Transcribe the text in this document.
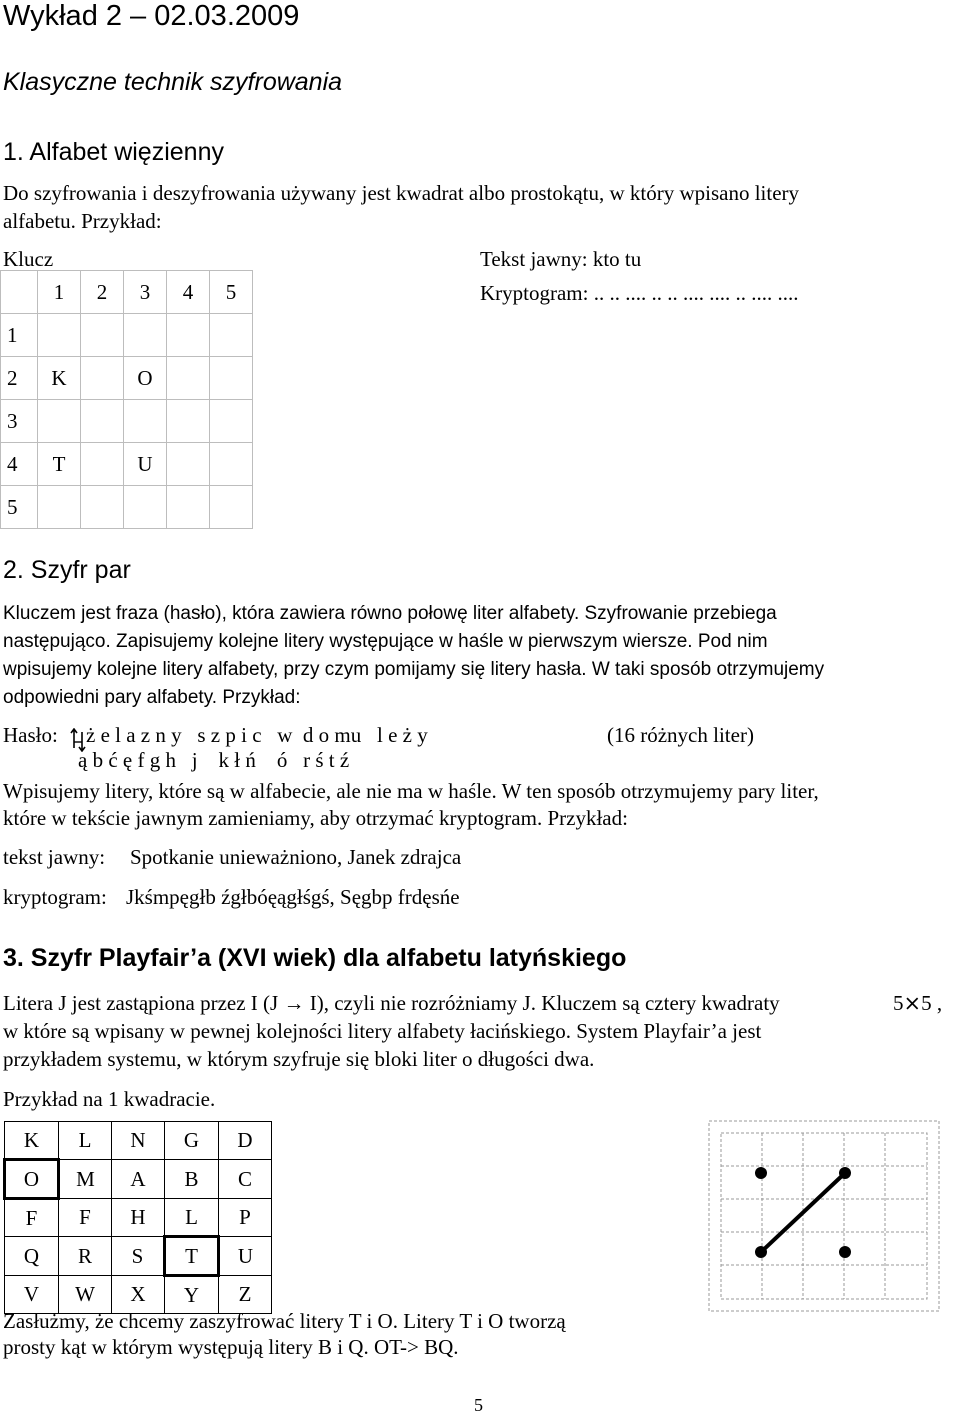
Wykład 2 – 02.03.2009
Klasyczne technik szyfrowania
1. Alfabet więzienny
Do szyfrowania i deszyfrowania używany jest kwadrat albo prostokątu, w który wpisano litery
alfabetu. Przykład:
Klucz
	1	2	3	4	5
1					
2	K		O		
3					
4	T		U		
5					
Tekst jawny: kto tu
Kryptogram: .. .. .... .. .. .... .... .. .... ....
2. Szyfr par
Kluczem jest fraza (hasło), która zawiera równo połowę liter alfabety. Szyfrowanie przebiega
następująco. Zapisujemy kolejne litery występujące w haśle w pierwszym wiersze. Pod nim
wpisujemy kolejne litery alfabety, przy czym pomijamy się litery hasła. W taki sposób otrzymujemy
odpowiedni pary alfabety. Przykład:
Hasło: ż e l a z n y   s z p i c   w  d o mu   l e ż y
ą b ć ę f g h   j    k ł ń    ó   r ś t ź
(16 różnych liter)
Wpisujemy litery, które są w alfabecie, ale nie ma w haśle. W ten sposób otrzymujemy pary liter,
które w tekście jawnym zamieniamy, aby otrzymać kryptogram. Przykład:
tekst jawny: Spotkanie unieważniono, Janek zdrajca
kryptogram: Jkśmpęgłb źgłbóęągłśgś, Sęgbp frdęsńe
3. Szyfr Playfair’a (XVI wiek) dla alfabetu latyńskiego
Litera J jest zastąpiona przez I (J → I), czyli nie rozróżniamy J. Kluczem są cztery kwadraty	5⨯5 ,
w które są wpisany w pewnej kolejności litery alfabety łacińskiego. System Playfair’a jest
przykładem systemu, w którym szyfruje się bloki liter o długości dwa.
Przykład na 1 kwadracie.
K	L	N	G	D
O	M	A	B	C
F	F	H	L	P
Q	R	S	T	U
V	W	X	Y	Z
Zasłużmy, że chcemy zaszyfrować litery T i O. Litery T i O tworzą
prosty kąt w którym występują litery B i Q. OT-> BQ.
5
